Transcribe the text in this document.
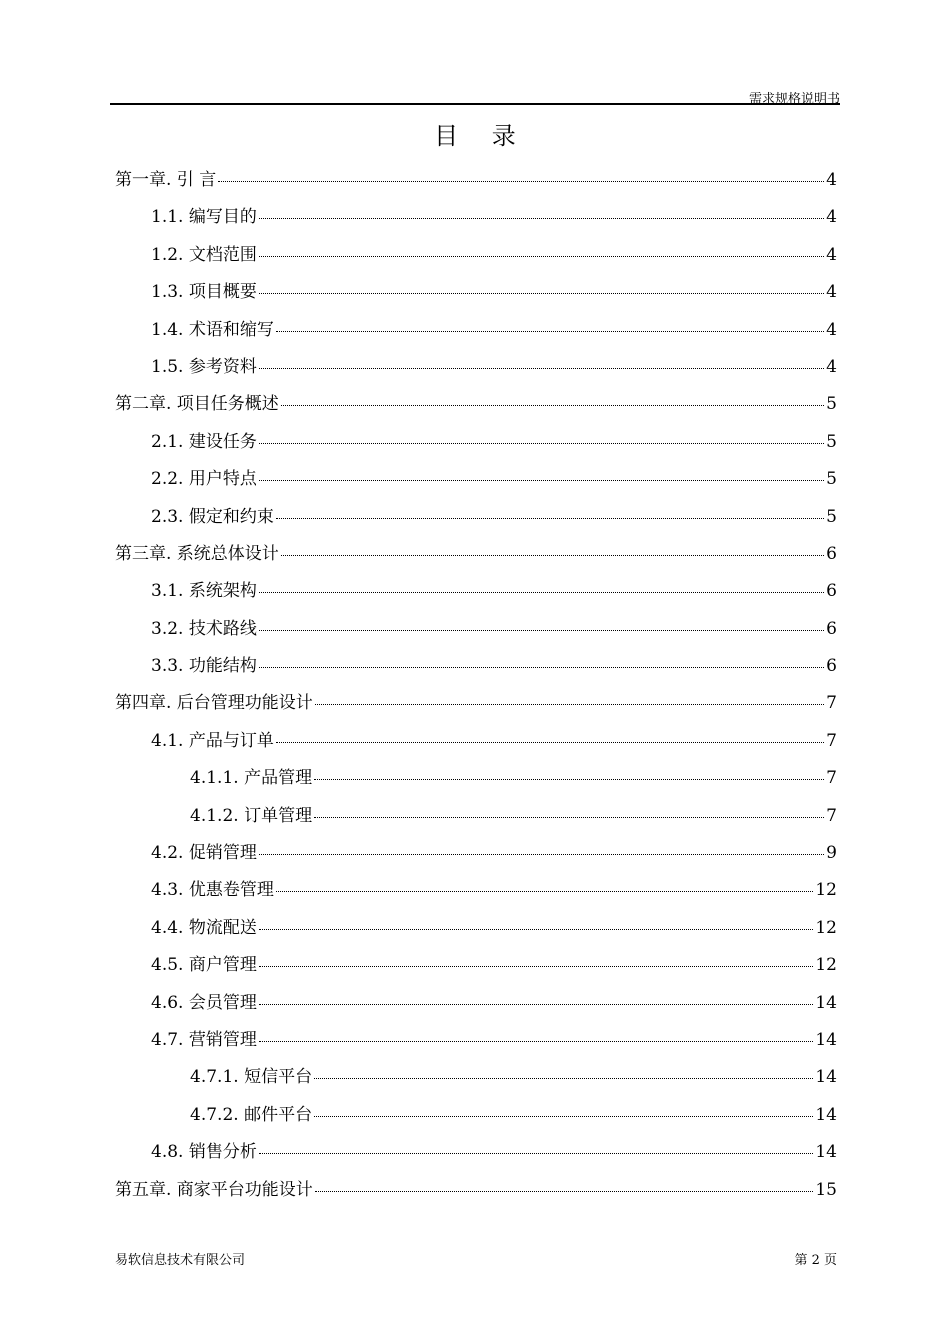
需求规格说明书
目 录
第一章. 引 言	4
1.1. 编写目的	4
1.2. 文档范围	4
1.3. 项目概要	4
1.4. 术语和缩写	4
1.5. 参考资料	4
第二章. 项目任务概述	5
2.1. 建设任务	5
2.2. 用户特点	5
2.3. 假定和约束	5
第三章. 系统总体设计	6
3.1. 系统架构	6
3.2. 技术路线	6
3.3. 功能结构	6
第四章. 后台管理功能设计	7
4.1. 产品与订单	7
4.1.1. 产品管理	7
4.1.2. 订单管理	7
4.2. 促销管理	9
4.3. 优惠卷管理	12
4.4. 物流配送	12
4.5. 商户管理	12
4.6. 会员管理	14
4.7. 营销管理	14
4.7.1. 短信平台	14
4.7.2. 邮件平台	14
4.8. 销售分析	14
第五章. 商家平台功能设计	15
易软信息技术有限公司	第 2 页
